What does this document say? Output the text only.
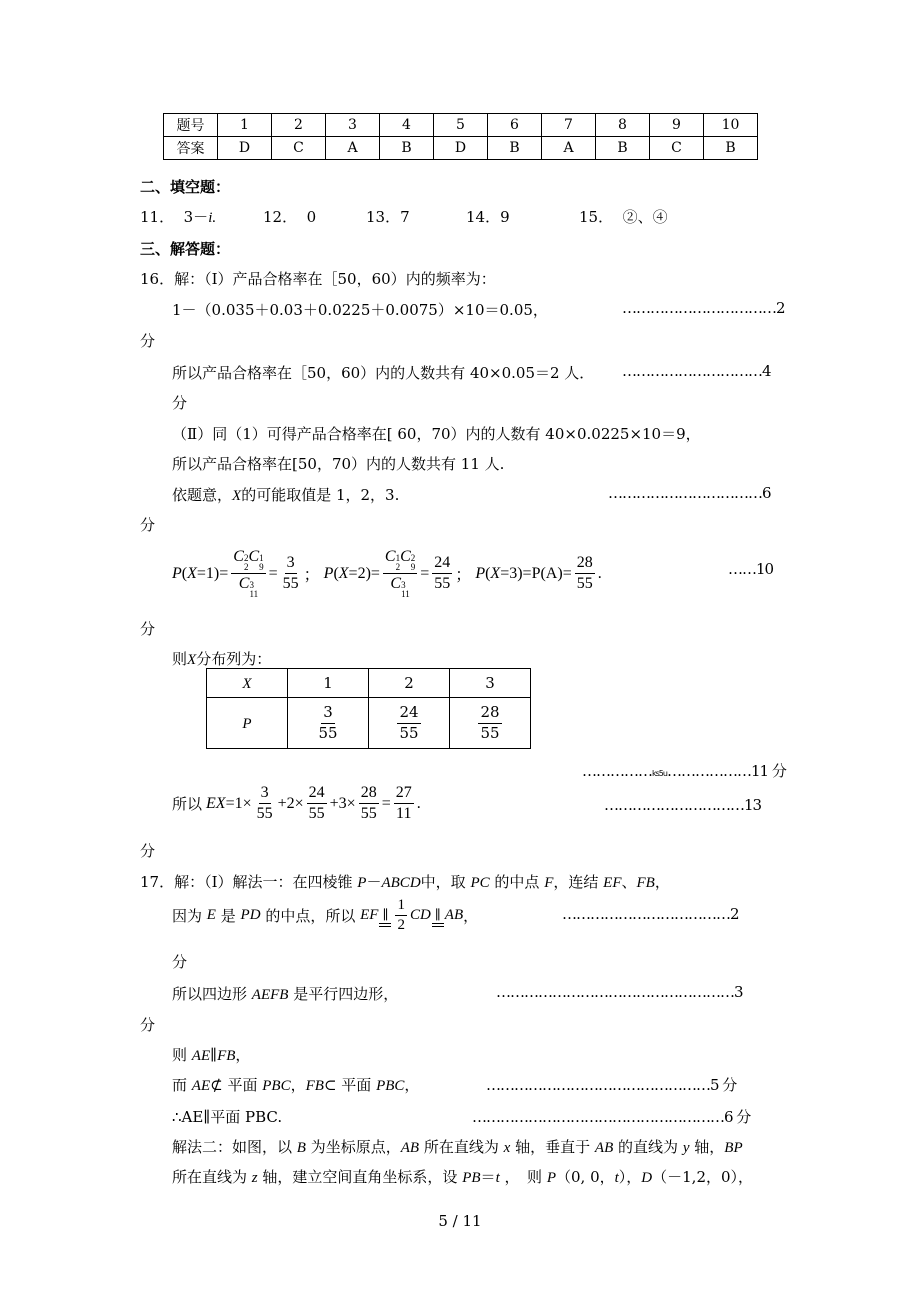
题号	1	2	3	4	5	6	7	8	9	10
答案	D	C	A	B	D	B	A	B	C	B
二、填空题：
11． 3－i.	12． 0	13．7	14．9	15． ②、④
三、解答题：
16．解：（Ⅰ）产品合格率在［50，60）内的频率为：
1－（0.035＋0.03＋0.0225＋0.0075）×10＝0.05，	……………………………2
分
所以产品合格率在［50，60）内的人数共有 40×0.05＝2 人． …………………………4
分
（Ⅱ）同（1）可得产品合格率在[ 60，70）内的人数有 40×0.0225×10＝9，
所以产品合格率在[50，70）内的人数共有 11 人.
依题意，X的可能取值是 1，2，3.	……………………………6
分
P ( X =1)= C 2
2
C 1
9
C 3
$11 = \frac{3}{55}$ ； P ( X =2)= C 1
2
C 2
9
C 3
$11 = \frac{24}{55}$ ； P ( $X =3)=P(A)= \frac{28}{55}$ .	……10
分
则X分布列为：
X	1	2	3
P	$\frac{3}{55}$	$\frac{24}{55}$	$\frac{28}{55}$
……………ks5u………………11 分
所以
EX $=1\times \frac{3}{55} +2\times \frac{24}{55} +3\times \frac{28}{55} = \frac{27}{11}$ .	…………………………13
分
17．解：（Ⅰ）解法一：在四棱锥 P－ABCD中，取 PC 的中点 F，连结 EF、FB，
因为
E
是
PD
的中点，所以
EF ∥ $\frac{1}{2}$ CD ∥ AB ，	………………………………2
分
所以四边形 AEFB 是平行四边形，	……………………………………………3
分
则 AE∥FB，
而 AE⊄ 平面 PBC，FB⊂ 平面 PBC，	…………………………………………5 分
∴AE∥平面 PBC.	………………………………………………6 分
解法二：如图，以 B 为坐标原点，AB 所在直线为 x 轴，垂直于 AB 的直线为 y 轴，BP
所在直线为 z 轴，建立空间直角坐标系，设 PB＝t ，　则 P（0, 0，t），D（－1,2，0），
5 / 11
